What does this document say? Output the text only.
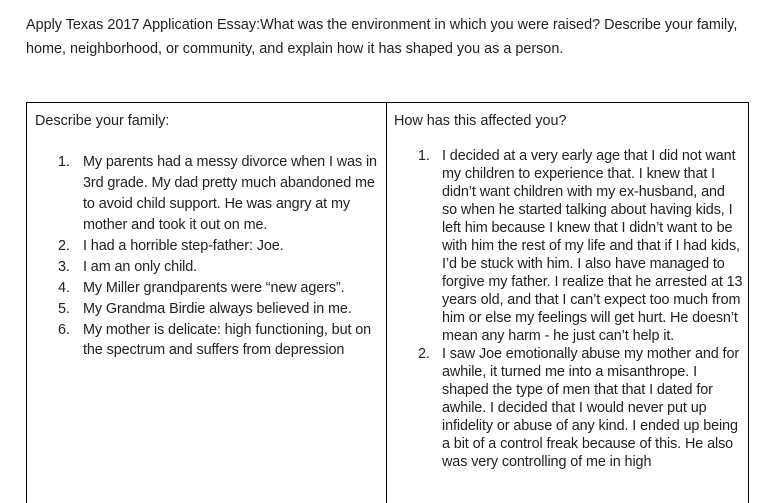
Apply Texas 2017 Application Essay:What was the environment in which you were raised? Describe your family, home, neighborhood, or community, and explain how it has shaped you as a person.

Describe your family:
1. My parents had a messy divorce when I was in 3rd grade. My dad pretty much abandoned me to avoid child support. He was angry at my mother and took it out on me.
2. I had a horrible step-father: Joe.
3. I am an only child.
4. My Miller grandparents were “new agers”.
5. My Grandma Birdie always believed in me.
6. My mother is delicate: high functioning, but on the spectrum and suffers from depression
How has this affected you?
1. I decided at a very early age that I did not want my children to experience that. I knew that I didn’t want children with my ex-husband, and so when he started talking about having kids, I left him because I knew that I didn’t want to be with him the rest of my life and that if I had kids, I’d be stuck with him. I also have managed to forgive my father. I realize that he arrested at 13 years old, and that I can’t expect too much from him or else my feelings will get hurt. He doesn’t mean any harm - he just can’t help it.
2. I saw Joe emotionally abuse my mother and for awhile, it turned me into a misanthrope. I shaped the type of men that that I dated for awhile. I decided that I would never put up infidelity or abuse of any kind. I ended up being a bit of a control freak because of this. He also was very controlling of me in high
